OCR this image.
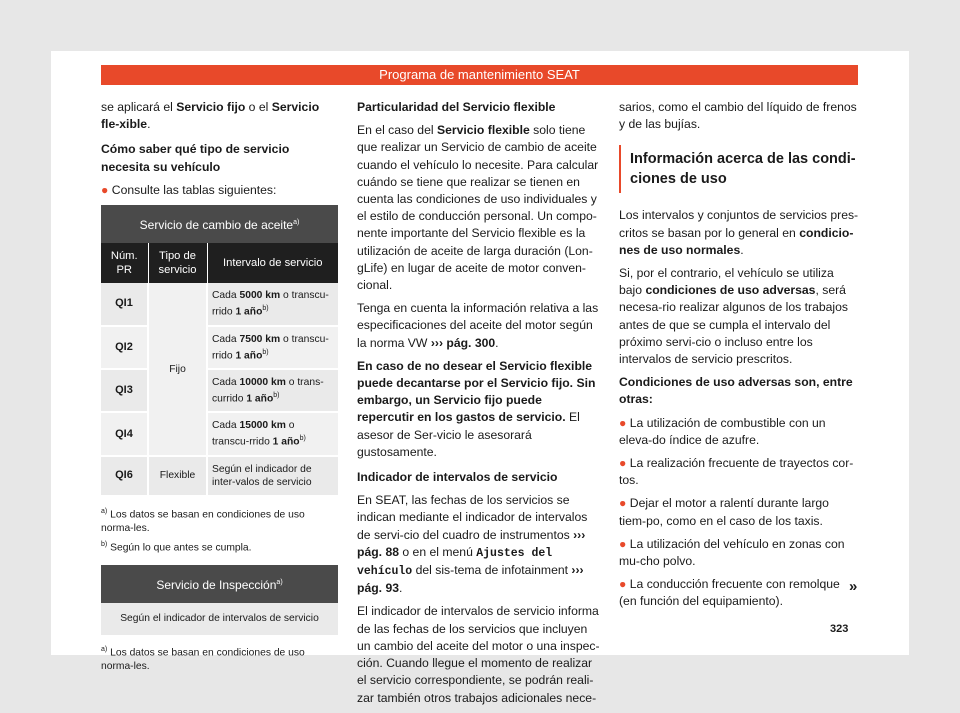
Programa de mantenimiento SEAT

se aplicará el Servicio fijo o el Servicio fle-xible.

Cómo saber qué tipo de servicio necesita su vehículo

● Consulte las tablas siguientes:

Servicio de cambio de aceite$^{a)}$
Núm. PR	Tipo de servicio	Intervalo de servicio
QI1	Fijo	Cada 5000 km o transcu-rrido 1 año$^{b)}$
QI2		Cada 7500 km o transcu-rrido 1 año$^{b)}$
QI3		Cada 10000 km o trans-currido 1 año$^{b)}$
QI4		Cada 15000 km o transcu-rrido 1 año$^{b)}$
QI6	Flexible	Según el indicador de inter-valos de servicio
$^{a)}$ Los datos se basan en condiciones de uso norma-les.
$^{b)}$ Según lo que antes se cumpla.
Servicio de Inspección$^{a)}$
Según el indicador de intervalos de servicio
$^{a)}$ Los datos se basan en condiciones de uso norma-les.

Particularidad del Servicio flexible

En el caso del Servicio flexible solo tiene que realizar un Servicio de cambio de aceite cuando el vehículo lo necesite. Para calcular cuándo se tiene que realizar se tienen en cuenta las condiciones de uso individuales y el estilo de conducción personal. Un compo-nente importante del Servicio flexible es la utilización de aceite de larga duración (Lon-gLife) en lugar de aceite de motor conven-cional.

Tenga en cuenta la información relativa a las especificaciones del aceite del motor según la norma VW ››› pág. 300.

En caso de no desear el Servicio flexible puede decantarse por el Servicio fijo. Sin embargo, un Servicio fijo puede repercutir en los gastos de servicio. El asesor de Ser-vicio le asesorará gustosamente.

Indicador de intervalos de servicio

En SEAT, las fechas de los servicios se indican mediante el indicador de intervalos de servi-cio del cuadro de instrumentos ››› pág. 88 o en el menú Ajustes del vehículo del sis-tema de infotainment ››› pág. 93.

El indicador de intervalos de servicio informa de las fechas de los servicios que incluyen un cambio del aceite del motor o una inspec-ción. Cuando llegue el momento de realizar el servicio correspondiente, se podrán reali-zar también otros trabajos adicionales nece-

sarios, como el cambio del líquido de frenos y de las bujías.

Información acerca de las condi-ciones de uso

Los intervalos y conjuntos de servicios pres-critos se basan por lo general en condicio-nes de uso normales.

Si, por el contrario, el vehículo se utiliza bajo condiciones de uso adversas, será necesa-rio realizar algunos de los trabajos antes de que se cumpla el intervalo del próximo servi-cio o incluso entre los intervalos de servicio prescritos.

Condiciones de uso adversas son, entre otras:

● La utilización de combustible con un eleva-do índice de azufre.

● La realización frecuente de trayectos cor-tos.

● Dejar el motor a ralentí durante largo tiem-po, como en el caso de los taxis.

● La utilización del vehículo en zonas con mu-cho polvo.

● La conducción frecuente con remolque (en función del equipamiento).

»
323
